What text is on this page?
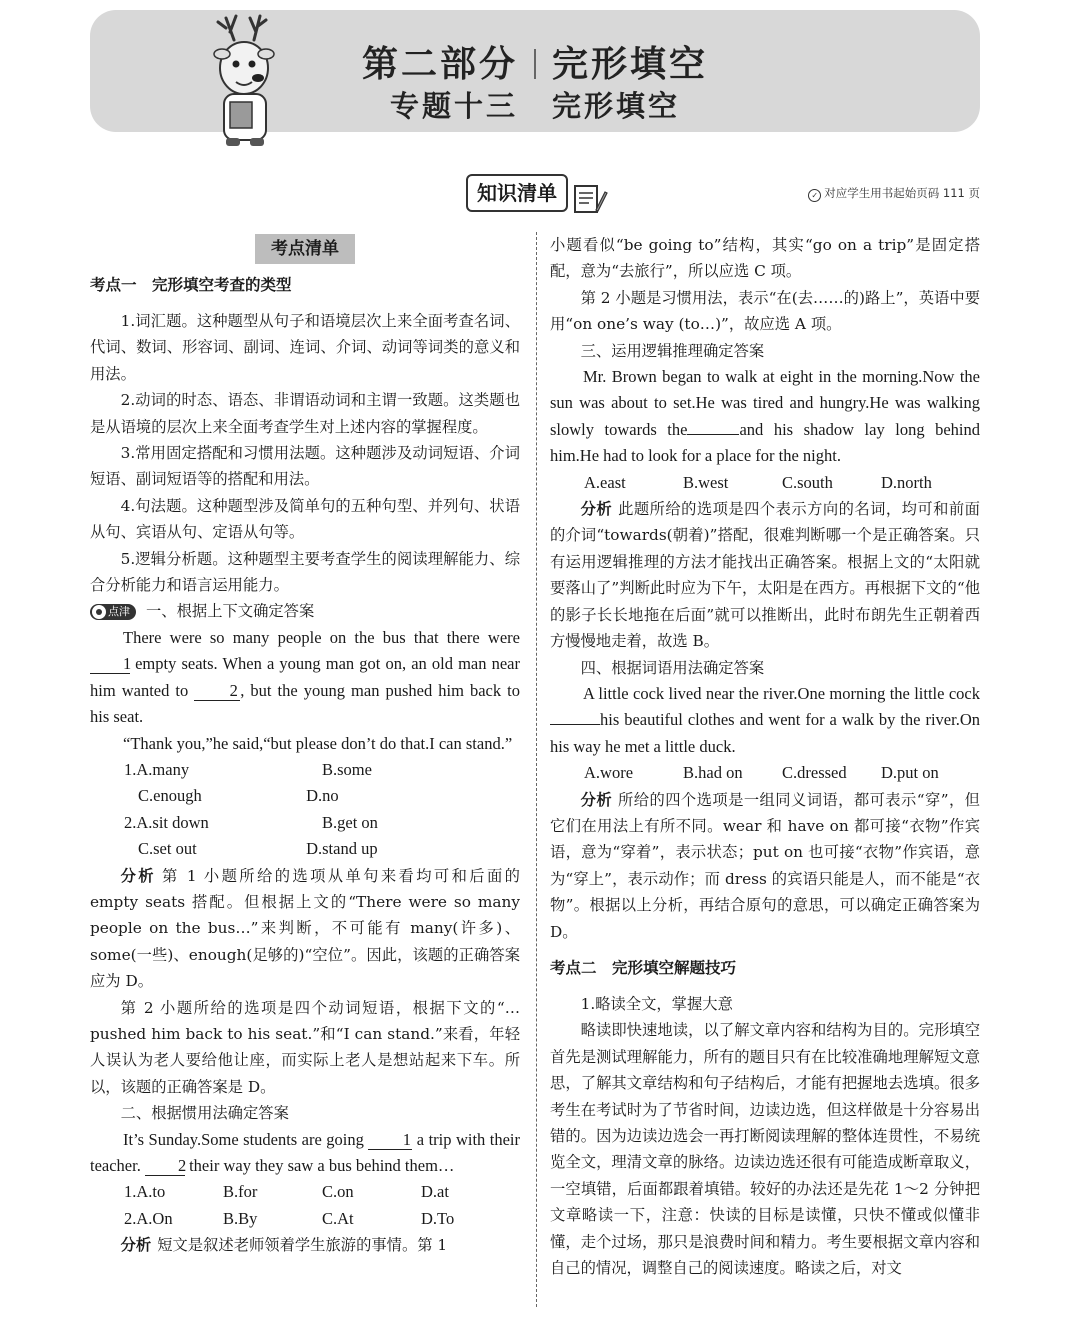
第二部分 完形填空
专题十三 完形填空
知识清单	✓ 对应学生用书起始页码 111 页
考点清单
考点一　完形填空考查的类型

1.词汇题。这种题型从句子和语境层次上来全面考查名词、代词、数词、形容词、副词、连词、介词、动词等词类的意义和用法。

2.动词的时态、语态、非谓语动词和主谓一致题。这类题也是从语境的层次上来全面考查学生对上述内容的掌握程度。

3.常用固定搭配和习惯用法题。这种题涉及动词短语、介词短语、副词短语等的搭配和用法。

4.句法题。这种题型涉及简单句的五种句型、并列句、状语从句、宾语从句、定语从句等。

5.逻辑分析题。这种题型主要考查学生的阅读理解能力、综合分析能力和语言运用能力。

点津 一、根据上下文确定答案

There were so many people on the bus that there were 1 empty seats. When a young man got on, an old man near him wanted to 2 , but the young man pushed him back to his seat.

“Thank you,”he said,“but please don’t do that.I can stand.”

1.A.many	B.some
C.enough	D.no
2.A.sit down	B.get on
C.set out	D.stand up

分析 第 1 小题所给的选项从单句来看均可和后面的 empty seats 搭配。但根据上文的“There were so many people on the bus…”来判断，不可能有 many(许多)、some(一些)、enough(足够的)“空位”。因此，该题的正确答案应为 D。

第 2 小题所给的选项是四个动词短语，根据下文的“…pushed him back to his seat.”和“I can stand.”来看，年轻人误认为老人要给他让座，而实际上老人是想站起来下车。所以，该题的正确答案是 D。

二、根据惯用法确定答案

It’s Sunday.Some students are going 1 a trip with their teacher. 2 their way they saw a bus behind them…

1.A.to	B.for	C.on	D.at
2.A.On	B.By	C.At	D.To

分析 短文是叙述老师领着学生旅游的事情。第 1

小题看似“be going to”结构，其实“go on a trip”是固定搭配，意为“去旅行”，所以应选 C 项。

第 2 小题是习惯用法，表示“在(去……的)路上”，英语中要用“on one’s way (to…)”，故应选 A 项。

三、运用逻辑推理确定答案

Mr. Brown began to walk at eight in the morning.Now the sun was about to set.He was tired and hungry.He was walking slowly towards the	and his shadow lay long behind him.He had to look for a place for the night.

A.east	B.west	C.south	D.north

分析 此题所给的选项是四个表示方向的名词，均可和前面的介词“towards(朝着)”搭配，很难判断哪一个是正确答案。只有运用逻辑推理的方法才能找出正确答案。根据上文的“太阳就要落山了”判断此时应为下午，太阳是在西方。再根据下文的“他的影子长长地拖在后面”就可以推断出，此时布朗先生正朝着西方慢慢地走着，故选 B。

四、根据词语用法确定答案

A little cock lived near the river.One morning the little cock his beautiful clothes and went for a walk by the river.On his way he met a little duck.

A.wore	B.had on	C.dressed	D.put on

分析 所给的四个选项是一组同义词语，都可表示“穿”，但它们在用法上有所不同。wear 和 have on 都可接“衣物”作宾语，意为“穿着”，表示状态；put on 也可接“衣物”作宾语，意为“穿上”，表示动作；而 dress 的宾语只能是人，而不能是“衣物”。根据以上分析，再结合原句的意思，可以确定正确答案为 D。

考点二　完形填空解题技巧

1.略读全文，掌握大意

略读即快速地读，以了解文章内容和结构为目的。完形填空首先是测试理解能力，所有的题目只有在比较准确地理解短文意思，了解其文章结构和句子结构后，才能有把握地去选填。很多考生在考试时为了节省时间，边读边选，但这样做是十分容易出错的。因为边读边选会一再打断阅读理解的整体连贯性，不易统览全文，理清文章的脉络。边读边选还很有可能造成断章取义，一空填错，后面都跟着填错。较好的办法还是先花 1～2 分钟把文章略读一下，注意：快读的目标是读懂，只快不懂或似懂非懂，走个过场，那只是浪费时间和精力。考生要根据文章内容和自己的情况，调整自己的阅读速度。略读之后，对文
